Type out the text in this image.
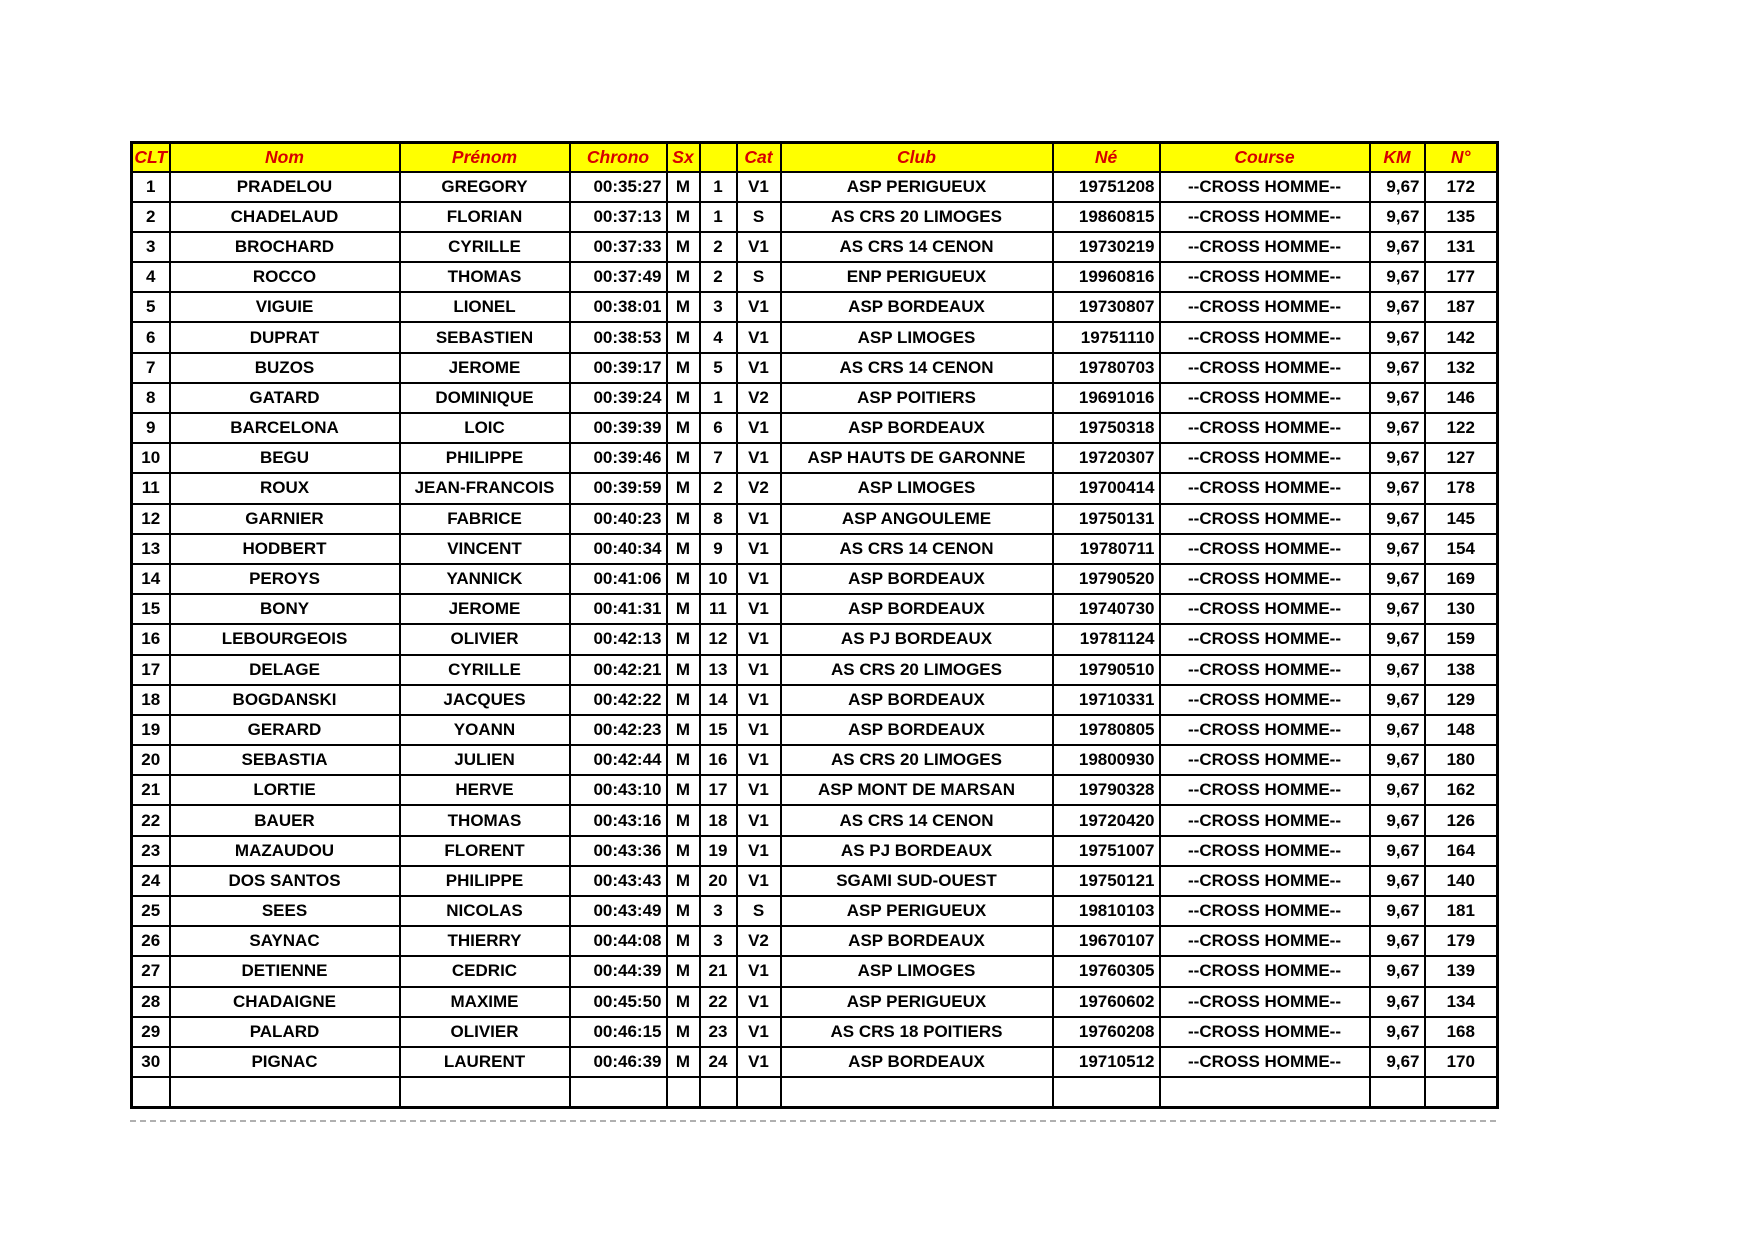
CLT	Nom	Prénom	Chrono	Sx		Cat	Club	Né	Course	KM	N°
1	PRADELOU	GREGORY	00:35:27	M	1	V1	ASP PERIGUEUX	19751208	--CROSS HOMME--	9,67	172
2	CHADELAUD	FLORIAN	00:37:13	M	1	S	AS CRS 20 LIMOGES	19860815	--CROSS HOMME--	9,67	135
3	BROCHARD	CYRILLE	00:37:33	M	2	V1	AS CRS 14 CENON	19730219	--CROSS HOMME--	9,67	131
4	ROCCO	THOMAS	00:37:49	M	2	S	ENP PERIGUEUX	19960816	--CROSS HOMME--	9,67	177
5	VIGUIE	LIONEL	00:38:01	M	3	V1	ASP BORDEAUX	19730807	--CROSS HOMME--	9,67	187
6	DUPRAT	SEBASTIEN	00:38:53	M	4	V1	ASP LIMOGES	19751110	--CROSS HOMME--	9,67	142
7	BUZOS	JEROME	00:39:17	M	5	V1	AS CRS 14 CENON	19780703	--CROSS HOMME--	9,67	132
8	GATARD	DOMINIQUE	00:39:24	M	1	V2	ASP POITIERS	19691016	--CROSS HOMME--	9,67	146
9	BARCELONA	LOIC	00:39:39	M	6	V1	ASP BORDEAUX	19750318	--CROSS HOMME--	9,67	122
10	BEGU	PHILIPPE	00:39:46	M	7	V1	ASP HAUTS DE GARONNE	19720307	--CROSS HOMME--	9,67	127
11	ROUX	JEAN-FRANCOIS	00:39:59	M	2	V2	ASP LIMOGES	19700414	--CROSS HOMME--	9,67	178
12	GARNIER	FABRICE	00:40:23	M	8	V1	ASP ANGOULEME	19750131	--CROSS HOMME--	9,67	145
13	HODBERT	VINCENT	00:40:34	M	9	V1	AS CRS 14 CENON	19780711	--CROSS HOMME--	9,67	154
14	PEROYS	YANNICK	00:41:06	M	10	V1	ASP BORDEAUX	19790520	--CROSS HOMME--	9,67	169
15	BONY	JEROME	00:41:31	M	11	V1	ASP BORDEAUX	19740730	--CROSS HOMME--	9,67	130
16	LEBOURGEOIS	OLIVIER	00:42:13	M	12	V1	AS PJ BORDEAUX	19781124	--CROSS HOMME--	9,67	159
17	DELAGE	CYRILLE	00:42:21	M	13	V1	AS CRS 20 LIMOGES	19790510	--CROSS HOMME--	9,67	138
18	BOGDANSKI	JACQUES	00:42:22	M	14	V1	ASP BORDEAUX	19710331	--CROSS HOMME--	9,67	129
19	GERARD	YOANN	00:42:23	M	15	V1	ASP BORDEAUX	19780805	--CROSS HOMME--	9,67	148
20	SEBASTIA	JULIEN	00:42:44	M	16	V1	AS CRS 20 LIMOGES	19800930	--CROSS HOMME--	9,67	180
21	LORTIE	HERVE	00:43:10	M	17	V1	ASP MONT DE MARSAN	19790328	--CROSS HOMME--	9,67	162
22	BAUER	THOMAS	00:43:16	M	18	V1	AS CRS 14 CENON	19720420	--CROSS HOMME--	9,67	126
23	MAZAUDOU	FLORENT	00:43:36	M	19	V1	AS PJ BORDEAUX	19751007	--CROSS HOMME--	9,67	164
24	DOS SANTOS	PHILIPPE	00:43:43	M	20	V1	SGAMI SUD-OUEST	19750121	--CROSS HOMME--	9,67	140
25	SEES	NICOLAS	00:43:49	M	3	S	ASP PERIGUEUX	19810103	--CROSS HOMME--	9,67	181
26	SAYNAC	THIERRY	00:44:08	M	3	V2	ASP BORDEAUX	19670107	--CROSS HOMME--	9,67	179
27	DETIENNE	CEDRIC	00:44:39	M	21	V1	ASP LIMOGES	19760305	--CROSS HOMME--	9,67	139
28	CHADAIGNE	MAXIME	00:45:50	M	22	V1	ASP PERIGUEUX	19760602	--CROSS HOMME--	9,67	134
29	PALARD	OLIVIER	00:46:15	M	23	V1	AS CRS 18 POITIERS	19760208	--CROSS HOMME--	9,67	168
30	PIGNAC	LAURENT	00:46:39	M	24	V1	ASP BORDEAUX	19710512	--CROSS HOMME--	9,67	170
